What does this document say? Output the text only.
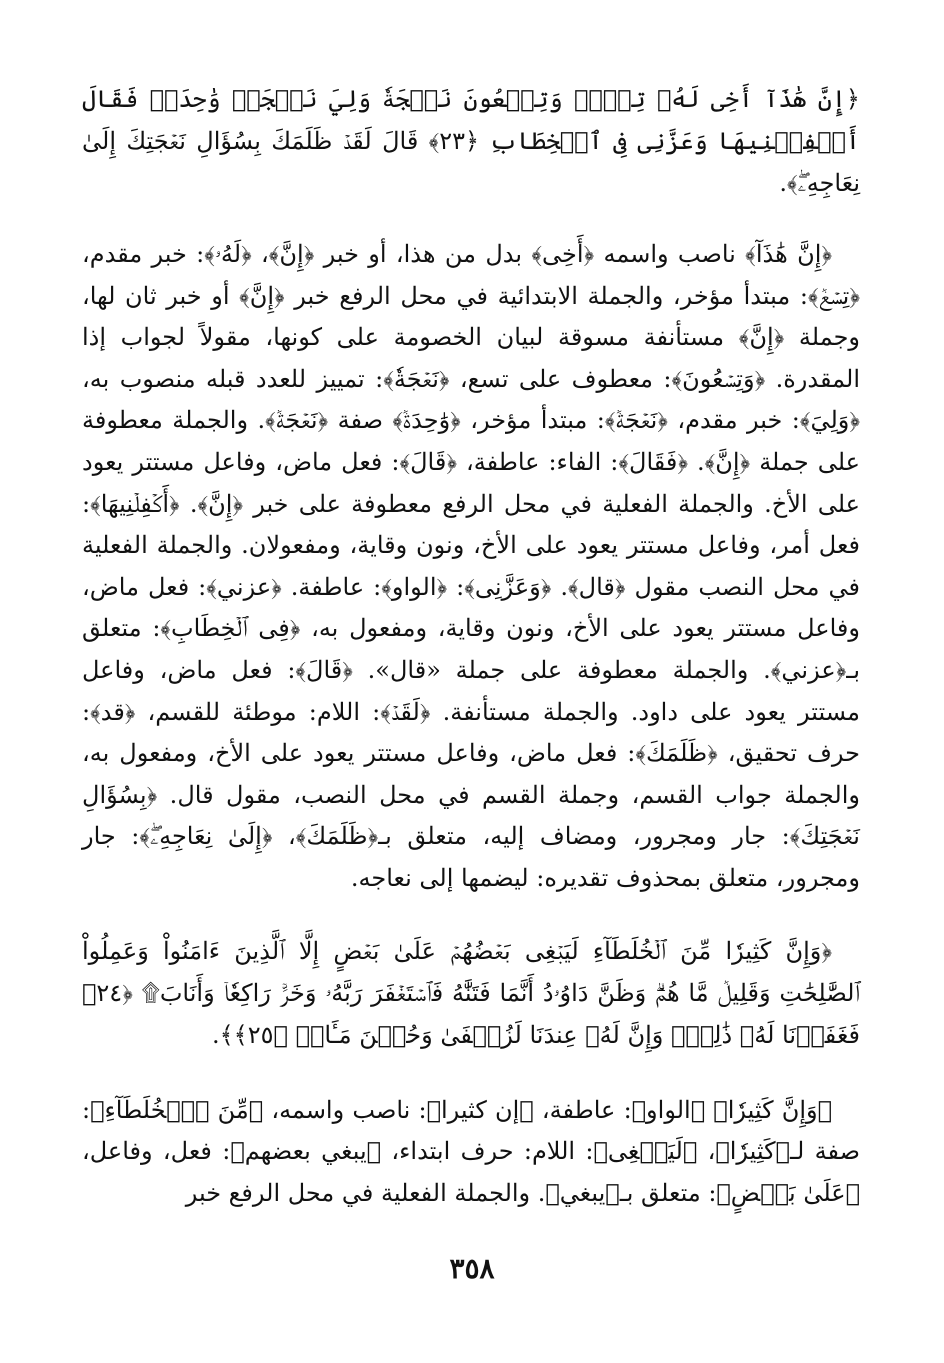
﴿إِنَّ هَٰذَآ أَخِى لَهُۥ تِسۡعٞ وَتِسۡعُونَ نَعۡجَةٗ وَلِيَ نَعۡجَةٞ وَٰحِدَةٞ فَقَالَ أَكۡفِلۡنِيهَا وَعَزَّنِى فِى ٱلۡخِطَابِ ﴿٢٣﴾ قَالَ لَقَدۡ ظَلَمَكَ بِسُؤَالِ نَعۡجَتِكَ إِلَىٰ نِعَاجِهِۦۖ﴾.
﴿إِنَّ هَٰذَآ﴾ ناصب واسمه ﴿أَخِى﴾ بدل من هذا، أو خبر ﴿إِنَّ﴾، ﴿لَهُۥ﴾: خبر مقدم، ﴿تِسۡعٞ﴾: مبتدأ مؤخر، والجملة الابتدائية في محل الرفع خبر ﴿إِنَّ﴾ أو خبر ثان لها، وجملة ﴿إِنَّ﴾ مستأنفة مسوقة لبيان الخصومة على كونها، مقولاً لجواب إذا المقدرة. ﴿وَتِسۡعُونَ﴾: معطوف على تسع، ﴿نَعۡجَةٗ﴾: تمييز للعدد قبله منصوب به، ﴿وَلِيَ﴾: خبر مقدم، ﴿نَعۡجَةٞ﴾: مبتدأ مؤخر، ﴿وَٰحِدَةٞ﴾ صفة ﴿نَعۡجَةٞ﴾. والجملة معطوفة على جملة ﴿إِنَّ﴾. ﴿فَقَالَ﴾: الفاء: عاطفة، ﴿قَالَ﴾: فعل ماض، وفاعل مستتر يعود على الأخ. والجملة الفعلية في محل الرفع معطوفة على خبر ﴿إِنَّ﴾. ﴿أَكۡفِلۡنِيهَا﴾: فعل أمر، وفاعل مستتر يعود على الأخ، ونون وقاية، ومفعولان. والجملة الفعلية في محل النصب مقول ﴿قال﴾. ﴿وَعَزَّنِى﴾: ﴿الواو﴾: عاطفة. ﴿عزني﴾: فعل ماض، وفاعل مستتر يعود على الأخ، ونون وقاية، ومفعول به، ﴿فِى ٱلۡخِطَابِ﴾: متعلق بـ﴿عزني﴾. والجملة معطوفة على جملة «قال». ﴿قَالَ﴾: فعل ماض، وفاعل مستتر يعود على داود. والجملة مستأنفة. ﴿لَقَدۡ﴾: اللام: موطئة للقسم، ﴿قد﴾: حرف تحقيق، ﴿ظَلَمَكَ﴾: فعل ماض، وفاعل مستتر يعود على الأخ، ومفعول به، والجملة جواب القسم، وجملة القسم في محل النصب، مقول قال. ﴿بِسُؤَالِ نَعۡجَتِكَ﴾: جار ومجرور، ومضاف إليه، متعلق بـ﴿ظَلَمَكَ﴾، ﴿إِلَىٰ نِعَاجِهِۦۖ﴾: جار ومجرور، متعلق بمحذوف تقديره: ليضمها إلى نعاجه.
﴿وَإِنَّ كَثِيرٗا مِّنَ ٱلۡخُلَطَآءِ لَيَبۡغِى بَعۡضُهُمۡ عَلَىٰ بَعۡضٍ إِلَّا ٱلَّذِينَ ءَامَنُواْ وَعَمِلُواْ ٱلصَّٰلِحَٰتِ وَقَلِيلٞ مَّا هُمۡۗ وَظَنَّ دَاوُۥدُ أَنَّمَا فَتَنَّٰهُ فَٱسۡتَغۡفَرَ رَبَّهُۥ وَخَرَّۤ رَاكِعٗاۤ وَأَنَابَ۩ ﴿٢٤﴾ فَغَفَرۡنَا لَهُۥ ذَٰلِكَۖ وَإِنَّ لَهُۥ عِندَنَا لَزُلۡفَىٰ وَحُسۡنَ مَـَٔابٖ ﴿٢٥﴾﴾.
﴿وَإِنَّ كَثِيرٗا﴾ ﴿الواو﴾: عاطفة، ﴿إن كثيرا﴾: ناصب واسمه، ﴿مِّنَ ٱلۡخُلَطَآءِ﴾: صفة لـ﴿كَثِيرٗا﴾، ﴿لَيَبۡغِى﴾: اللام: حرف ابتداء، ﴿يبغي بعضهم﴾: فعل، وفاعل، ﴿عَلَىٰ بَعۡضٍ﴾: متعلق بـ﴿يبغي﴾. والجملة الفعلية في محل الرفع خبر
٣٥٨
